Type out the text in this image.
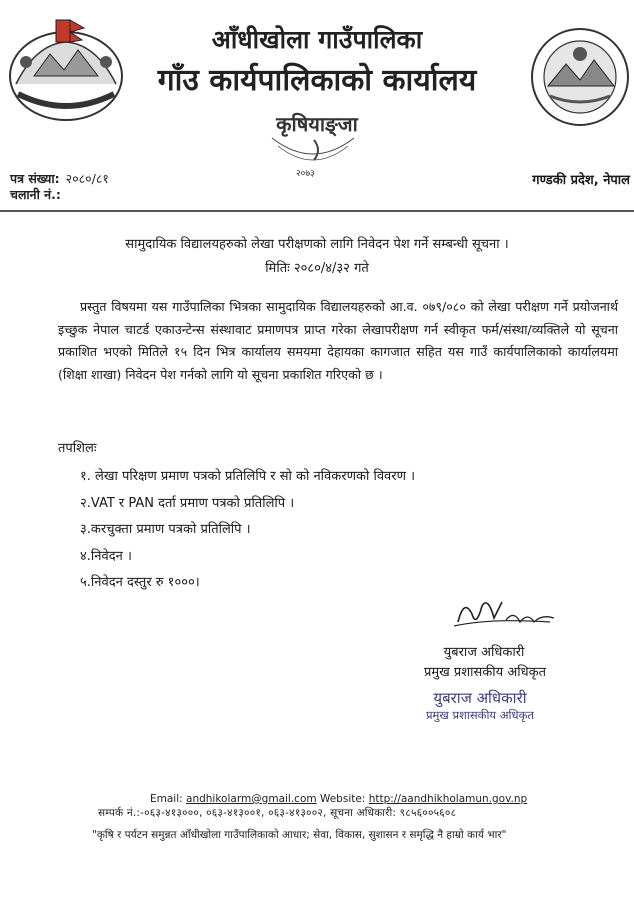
आँधीखोला गाउँपालिका
गाँउ कार्यपालिकाको कार्यालय
कृषियाङ्जा
२०७३
पत्र संख्या: २०८०/८१
चलानी नं.:
गण्डकी प्रदेश, नेपाल
सामुदायिक विद्यालयहरुको लेखा परीक्षणको लागि निवेदन पेश गर्ने सम्बन्धी सूचना ।
मितिः २०८०/४/३२ गते
प्रस्तुत विषयमा यस गाउँपालिका भित्रका सामुदायिक विद्यालयहरुको आ.व. ०७९/०८० को लेखा परीक्षण गर्ने प्रयोजनार्थ इच्छुक नेपाल चाटर्ड एकाउन्टेन्स संस्थावाट प्रमाणपत्र प्राप्त गरेका लेखापरीक्षण गर्न स्वीकृत फर्म/संस्था/व्यक्तिले यो सूचना प्रकाशित भएको मितिले १५ दिन भित्र कार्यालय समयमा देहायका कागजात सहित यस गाउँ कार्यपालिकाको कार्यालयमा (शिक्षा शाखा) निवेदन पेश गर्नको लागि यो सूचना प्रकाशित गरिएको छ ।
तपशिलः
१. लेखा परिक्षण प्रमाण पत्रको प्रतिलिपि र सो को नविकरणको विवरण ।
२.VAT र PAN दर्ता प्रमाण पत्रको प्रतिलिपि ।
३.करचुक्ता प्रमाण पत्रको प्रतिलिपि ।
४.निवेदन ।
५.निवेदन दस्तुर रु १०००।
युबराज अधिकारी
प्रमुख प्रशासकीय अधिकृत
युबराज अधिकारी
प्रमुख प्रशासकीय अधिकृत
Email: andhikolarm@gmail.com Website: http://aandhikholamun.gov.np
सम्पर्क नं.:-०६३-४१३०००, ०६३-४१३००१, ०६३-४१३००२, सूचना अधिकारी: ९८५६००५६०८
"कृषि र पर्यटन समुन्नत आँधीखोला गाउँपालिकाको आधार; सेवा, विकास, सुशासन र समृद्धि नै हाम्रो कार्य भार"
